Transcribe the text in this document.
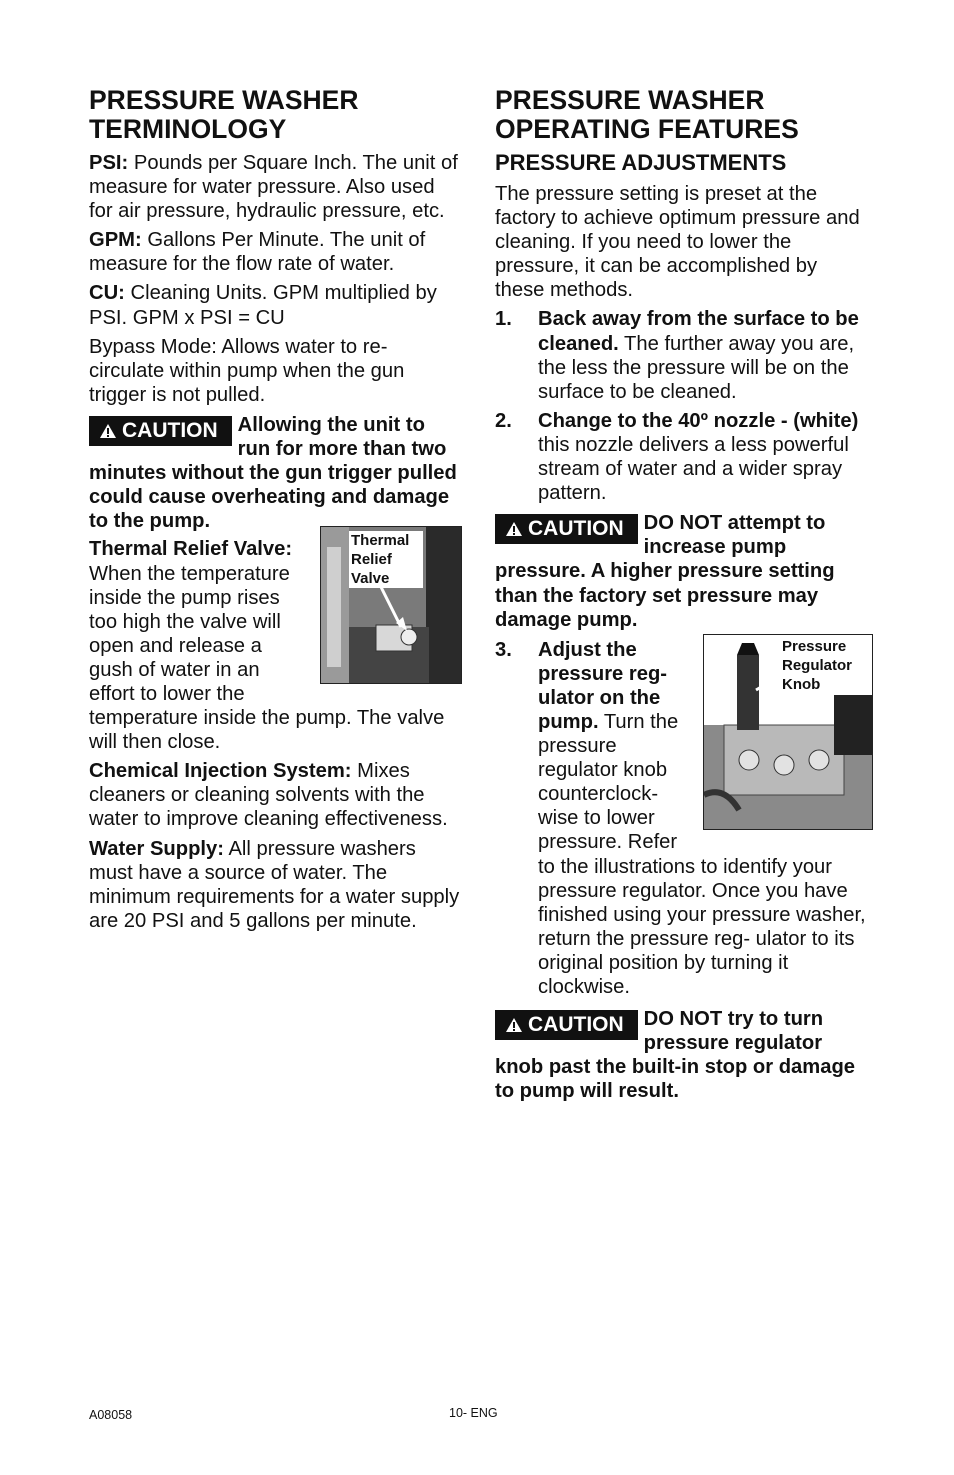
PRESSURE WASHER TERMINOLOGY

PSI: Pounds per Square Inch. The unit of measure for water pressure. Also used for air pressure, hydraulic pressure, etc.

GPM: Gallons Per Minute. The unit of measure for the flow rate of water.

CU: Cleaning Units. GPM multiplied by PSI. GPM x PSI = CU

Bypass Mode: Allows water to re-circulate within pump when the gun trigger is not pulled.

CAUTION Allowing the unit to run for more than two minutes without the gun trigger pulled could cause overheating and damage to the pump.
Thermal Relief Valve
Thermal Relief Valve: When the temperature inside the pump rises too high the valve will open and release a gush of water in an effort to lower the temperature inside the pump. The valve will then close.

Chemical Injection System: Mixes cleaners or cleaning solvents with the water to improve cleaning effectiveness.

Water Supply: All pressure washers must have a source of water. The minimum requirements for a water supply are 20 PSI and 5 gallons per minute.

PRESSURE WASHER OPERATING FEATURES
PRESSURE ADJUSTMENTS

The pressure setting is preset at the factory to achieve optimum pressure and cleaning. If you need to lower the pressure, it can be accomplished by these methods.

1. Back away from the surface to be cleaned. The further away you are, the less the pressure will be on the surface to be cleaned.
2. Change to the 40º nozzle - (white) this nozzle delivers a less powerful stream of water and a wider spray pattern.
CAUTION DO NOT attempt to increase pump pressure. A higher pressure setting than the factory set pressure may damage pump.
3.	Pressure Regulator Knob
Adjust the pressure reg- ulator on the pump. Turn the pressure regulator knob counterclock- wise to lower pressure. Refer to the illustrations to identify your pressure regulator. Once you have finished using your pressure washer, return the pressure reg- ulator to its original position by turning it clockwise.
CAUTION DO NOT try to turn pressure regulator knob past the built-in stop or damage to pump will result.
A08058	10- ENG
